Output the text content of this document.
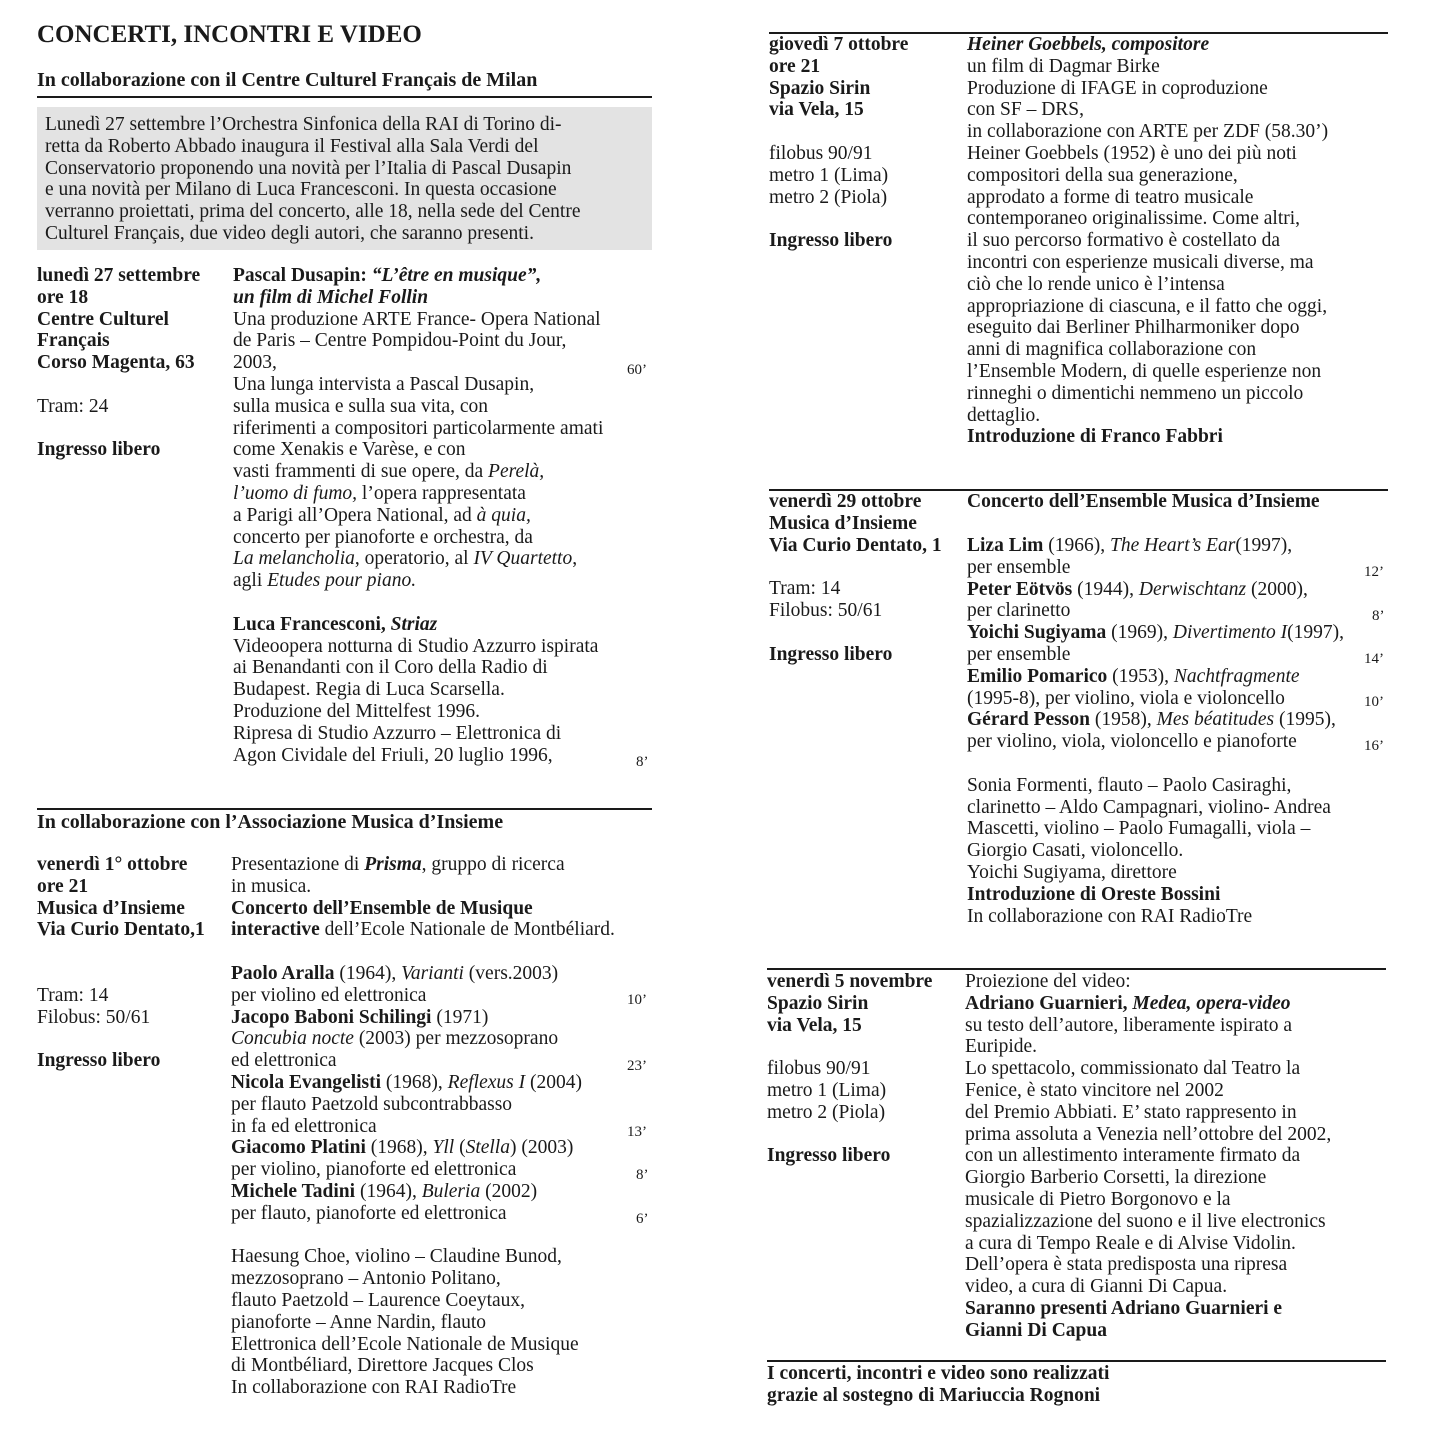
CONCERTI, INCONTRI E VIDEO
In collaborazione con il Centre Culturel Français de Milan
Lunedì 27 settembre l’Orchestra Sinfonica della RAI di Torino di-
retta da Roberto Abbado inaugura il Festival alla Sala Verdi del
Conservatorio proponendo una novità per l’Italia di Pascal Dusapin
e una novità per Milano di Luca Francesconi. In questa occasione
verranno proiettati, prima del concerto, alle 18, nella sede del Centre
Culturel Français, due video degli autori, che saranno presenti.
lunedì 27 settembre
ore 18
Centre Culturel
Français
Corso Magenta, 63
Tram: 24
Ingresso libero
Pascal Dusapin: “L’être en musique”,
un film di Michel Follin
Una produzione ARTE France- Opera National
de Paris – Centre Pompidou-Point du Jour,
2003,
Una lunga intervista a Pascal Dusapin,
sulla musica e sulla sua vita, con
riferimenti a compositori particolarmente amati
come Xenakis e Varèse, e con
vasti frammenti di sue opere, da Perelà,
l’uomo di fumo, l’opera rappresentata
a Parigi all’Opera National, ad à quia,
concerto per pianoforte e orchestra, da
La melancholia, operatorio, al IV Quartetto,
agli Etudes pour piano.
Luca Francesconi, Striaz
Videoopera notturna di Studio Azzurro ispirata
ai Benandanti con il Coro della Radio di
Budapest. Regia di Luca Scarsella.
Produzione del Mittelfest 1996.
Ripresa di Studio Azzurro – Elettronica di
Agon Cividale del Friuli, 20 luglio 1996,
60’
8’
In collaborazione con l’Associazione Musica d’Insieme
venerdì 1° ottobre
ore 21
Musica d’Insieme
Via Curio Dentato,1
Tram: 14
Filobus: 50/61
Ingresso libero
Presentazione di Prisma, gruppo di ricerca
in musica.
Concerto dell’Ensemble de Musique
interactive dell’Ecole Nationale de Montbéliard.
Paolo Aralla (1964), Varianti (vers.2003)
per violino ed elettronica
Jacopo Baboni Schilingi (1971)
Concubia nocte (2003) per mezzosoprano
ed elettronica
Nicola Evangelisti (1968), Reflexus I (2004)
per flauto Paetzold subcontrabbasso
in fa ed elettronica
Giacomo Platini (1968), Yll (Stella) (2003)
per violino, pianoforte ed elettronica
Michele Tadini (1964), Buleria (2002)
per flauto, pianoforte ed elettronica
Haesung Choe, violino – Claudine Bunod,
mezzosoprano – Antonio Politano,
flauto Paetzold – Laurence Coeytaux,
pianoforte – Anne Nardin, flauto
Elettronica dell’Ecole Nationale de Musique
di Montbéliard, Direttore Jacques Clos
In collaborazione con RAI RadioTre
10’
23’
13’
8’
6’
giovedì 7 ottobre
ore 21
Spazio Sirin
via Vela, 15
filobus 90/91
metro 1 (Lima)
metro 2 (Piola)
Ingresso libero
Heiner Goebbels, compositore
un film di Dagmar Birke
Produzione di IFAGE in coproduzione
con SF – DRS,
in collaborazione con ARTE per ZDF (58.30’)
Heiner Goebbels (1952) è uno dei più noti
compositori della sua generazione,
approdato a forme di teatro musicale
contemporaneo originalissime. Come altri,
il suo percorso formativo è costellato da
incontri con esperienze musicali diverse, ma
ciò che lo rende unico è l’intensa
appropriazione di ciascuna, e il fatto che oggi,
eseguito dai Berliner Philharmoniker dopo
anni di magnifica collaborazione con
l’Ensemble Modern, di quelle esperienze non
rinneghi o dimentichi nemmeno un piccolo
dettaglio.
Introduzione di Franco Fabbri
venerdì 29 ottobre
Musica d’Insieme
Via Curio Dentato, 1
Tram: 14
Filobus: 50/61
Ingresso libero
Concerto dell’Ensemble Musica d’Insieme
Liza Lim (1966), The Heart’s Ear(1997),
per ensemble
Peter Eötvös (1944), Derwischtanz (2000),
per clarinetto
Yoichi Sugiyama (1969), Divertimento I(1997),
per ensemble
Emilio Pomarico (1953), Nachtfragmente
(1995-8), per violino, viola e violoncello
Gérard Pesson (1958), Mes béatitudes (1995),
per violino, viola, violoncello e pianoforte
Sonia Formenti, flauto – Paolo Casiraghi,
clarinetto – Aldo Campagnari, violino- Andrea
Mascetti, violino – Paolo Fumagalli, viola –
Giorgio Casati, violoncello.
Yoichi Sugiyama, direttore
Introduzione di Oreste Bossini
In collaborazione con RAI RadioTre
12’
8’
14’
10’
16’
venerdì 5 novembre
Spazio Sirin
via Vela, 15
filobus 90/91
metro 1 (Lima)
metro 2 (Piola)
Ingresso libero
Proiezione del video:
Adriano Guarnieri, Medea, opera-video
su testo dell’autore, liberamente ispirato a
Euripide.
Lo spettacolo, commissionato dal Teatro la
Fenice, è stato vincitore nel 2002
del Premio Abbiati. E’ stato rappresento in
prima assoluta a Venezia nell’ottobre del 2002,
con un allestimento interamente firmato da
Giorgio Barberio Corsetti, la direzione
musicale di Pietro Borgonovo e la
spazializzazione del suono e il live electronics
a cura di Tempo Reale e di Alvise Vidolin.
Dell’opera è stata predisposta una ripresa
video, a cura di Gianni Di Capua.
Saranno presenti Adriano Guarnieri e
Gianni Di Capua
I concerti, incontri e video sono realizzati
grazie al sostegno di Mariuccia Rognoni
